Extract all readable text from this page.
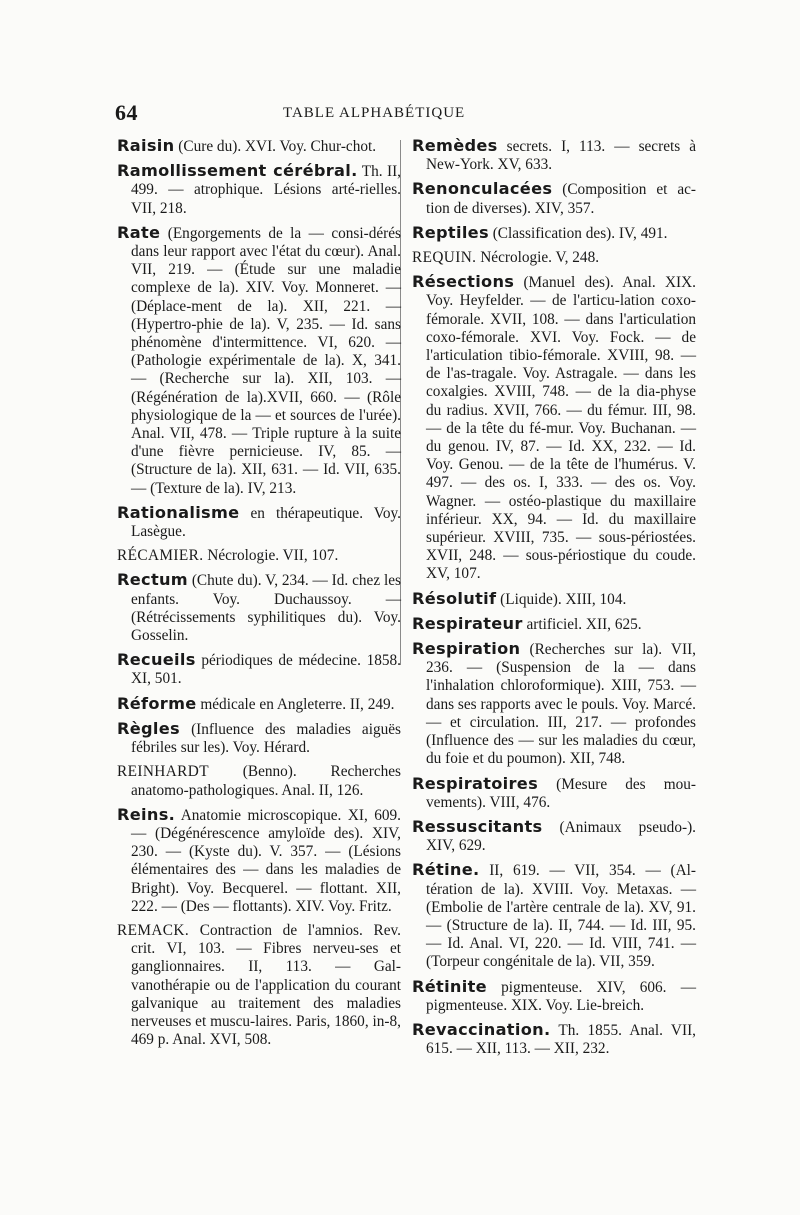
64	TABLE ALPHABÉTIQUE
Raisin (Cure du). XVI. Voy. Chur-chot.
Ramollissement cérébral. Th. II, 499. — atrophique. Lésions arté-rielles. VII, 218.
Rate (Engorgements de la — consi-dérés dans leur rapport avec l'état du cœur). Anal. VII, 219. — (Étude sur une maladie complexe de la). XIV. Voy. Monneret. — (Déplace-ment de la). XII, 221. — (Hypertro-phie de la). V, 235. — Id. sans phénomène d'intermittence. VI, 620. — (Pathologie expérimentale de la). X, 341. — (Recherche sur la). XII, 103. — (Régénération de la).XVII, 660. — (Rôle physiologique de la — et sources de l'urée). Anal. VII, 478. — Triple rupture à la suite d'une fièvre pernicieuse. IV, 85. — (Structure de la). XII, 631. — Id. VII, 635. — (Texture de la). IV, 213.
Rationalisme en thérapeutique. Voy. Lasègue.
RÉCAMIER. Nécrologie. VII, 107.
Rectum (Chute du). V, 234. — Id. chez les enfants. Voy. Duchaussoy. — (Rétrécissements syphilitiques du). Voy. Gosselin.
Recueils périodiques de médecine. 1858. XI, 501.
Réforme médicale en Angleterre. II, 249.
Règles (Influence des maladies aiguës fébriles sur les). Voy. Hérard.
REINHARDT (Benno). Recherches anatomo-pathologiques. Anal. II, 126.
Reins. Anatomie microscopique. XI, 609. — (Dégénérescence amyloïde des). XIV, 230. — (Kyste du). V. 357. — (Lésions élémentaires des — dans les maladies de Bright). Voy. Becquerel. — flottant. XII, 222. — (Des — flottants). XIV. Voy. Fritz.
REMACK. Contraction de l'amnios. Rev. crit. VI, 103. — Fibres nerveu-ses et ganglionnaires. II, 113. — Gal-vanothérapie ou de l'application du courant galvanique au traitement des maladies nerveuses et muscu-laires. Paris, 1860, in-8, 469 p. Anal. XVI, 508.
Remèdes secrets. I, 113. — secrets à New-York. XV, 633.
Renonculacées (Composition et ac-tion de diverses). XIV, 357.
Reptiles (Classification des). IV, 491.
REQUIN. Nécrologie. V, 248.
Résections (Manuel des). Anal. XIX. Voy. Heyfelder. — de l'articu-lation coxo-fémorale. XVII, 108. — dans l'articulation coxo-fémorale. XVI. Voy. Fock. — de l'articulation tibio-fémorale. XVIII, 98. — de l'as-tragale. Voy. Astragale. — dans les coxalgies. XVIII, 748. — de la dia-physe du radius. XVII, 766. — du fémur. III, 98. — de la tête du fé-mur. Voy. Buchanan. — du genou. IV, 87. — Id. XX, 232. — Id. Voy. Genou. — de la tête de l'humérus. V. 497. — des os. I, 333. — des os. Voy. Wagner. — ostéo-plastique du maxillaire inférieur. XX, 94. — Id. du maxillaire supérieur. XVIII, 735. — sous-périostées. XVII, 248. — sous-périostique du coude. XV, 107.
Résolutif (Liquide). XIII, 104.
Respirateur artificiel. XII, 625.
Respiration (Recherches sur la). VII, 236. — (Suspension de la — dans l'inhalation chloroformique). XIII, 753. — dans ses rapports avec le pouls. Voy. Marcé. — et circulation. III, 217. — profondes (Influence des — sur les maladies du cœur, du foie et du poumon). XII, 748.
Respiratoires (Mesure des mou-vements). VIII, 476.
Ressuscitants (Animaux pseudo-). XIV, 629.
Rétine. II, 619. — VII, 354. — (Al-tération de la). XVIII. Voy. Metaxas. — (Embolie de l'artère centrale de la). XV, 91. — (Structure de la). II, 744. — Id. III, 95. — Id. Anal. VI, 220. — Id. VIII, 741. — (Torpeur congénitale de la). VII, 359.
Rétinite pigmenteuse. XIV, 606. — pigmenteuse. XIX. Voy. Lie-breich.
Revaccination. Th. 1855. Anal. VII, 615. — XII, 113. — XII, 232.
